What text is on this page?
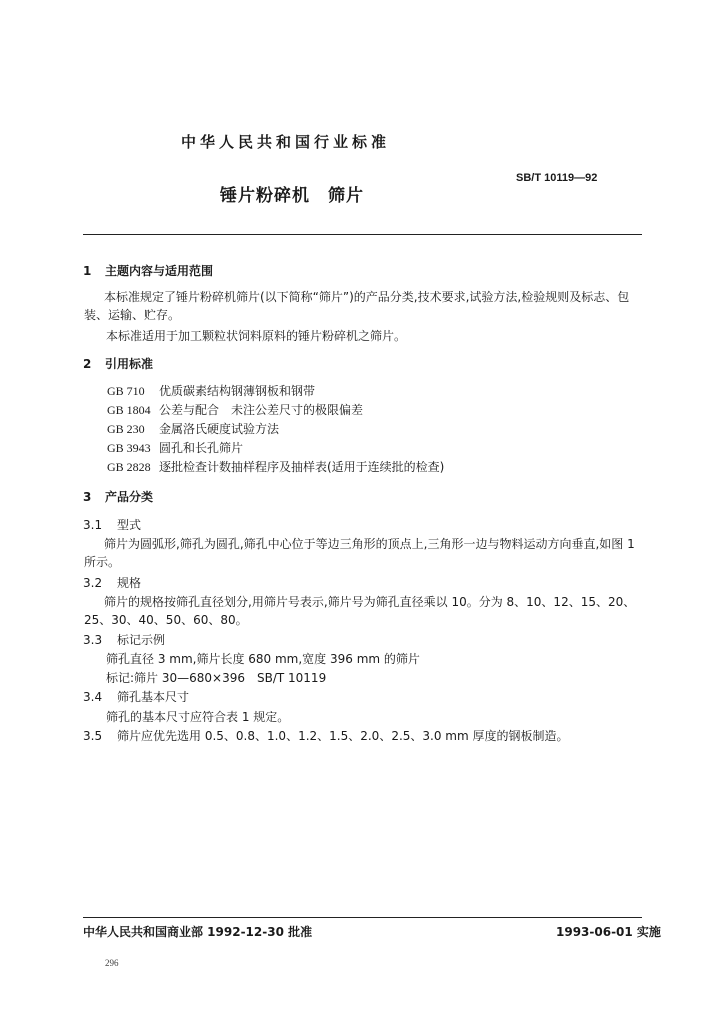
中华人民共和国行业标准
SB/T 10119—92
锤片粉碎机　筛片
1 主题内容与适用范围
本标准规定了锤片粉碎机筛片(以下简称“筛片”)的产品分类,技术要求,试验方法,检验规则及标志、包装、运输、贮存。
本标准适用于加工颗粒状饲料原料的锤片粉碎机之筛片。
2 引用标准
GB 710 优质碳素结构钢薄钢板和钢带
GB 1804 公差与配合　未注公差尺寸的极限偏差
GB 230 金属洛氏硬度试验方法
GB 3943 圆孔和长孔筛片
GB 2828 逐批检查计数抽样程序及抽样表(适用于连续批的检查)
3 产品分类
3.1 型式
筛片为圆弧形,筛孔为圆孔,筛孔中心位于等边三角形的顶点上,三角形一边与物料运动方向垂直,如图 1 所示。
3.2 规格
筛片的规格按筛孔直径划分,用筛片号表示,筛片号为筛孔直径乘以 10。分为 8、10、12、15、20、25、30、40、50、60、80。
3.3 标记示例
筛孔直径 3 mm,筛片长度 680 mm,宽度 396 mm 的筛片
标记:筛片 30—680×396　SB/T 10119
3.4 筛孔基本尺寸
筛孔的基本尺寸应符合表 1 规定。
3.5 筛片应优先选用 0.5、0.8、1.0、1.2、1.5、2.0、2.5、3.0 mm 厚度的钢板制造。
中华人民共和国商业部 1992-12-30 批准	1993-06-01 实施
296
